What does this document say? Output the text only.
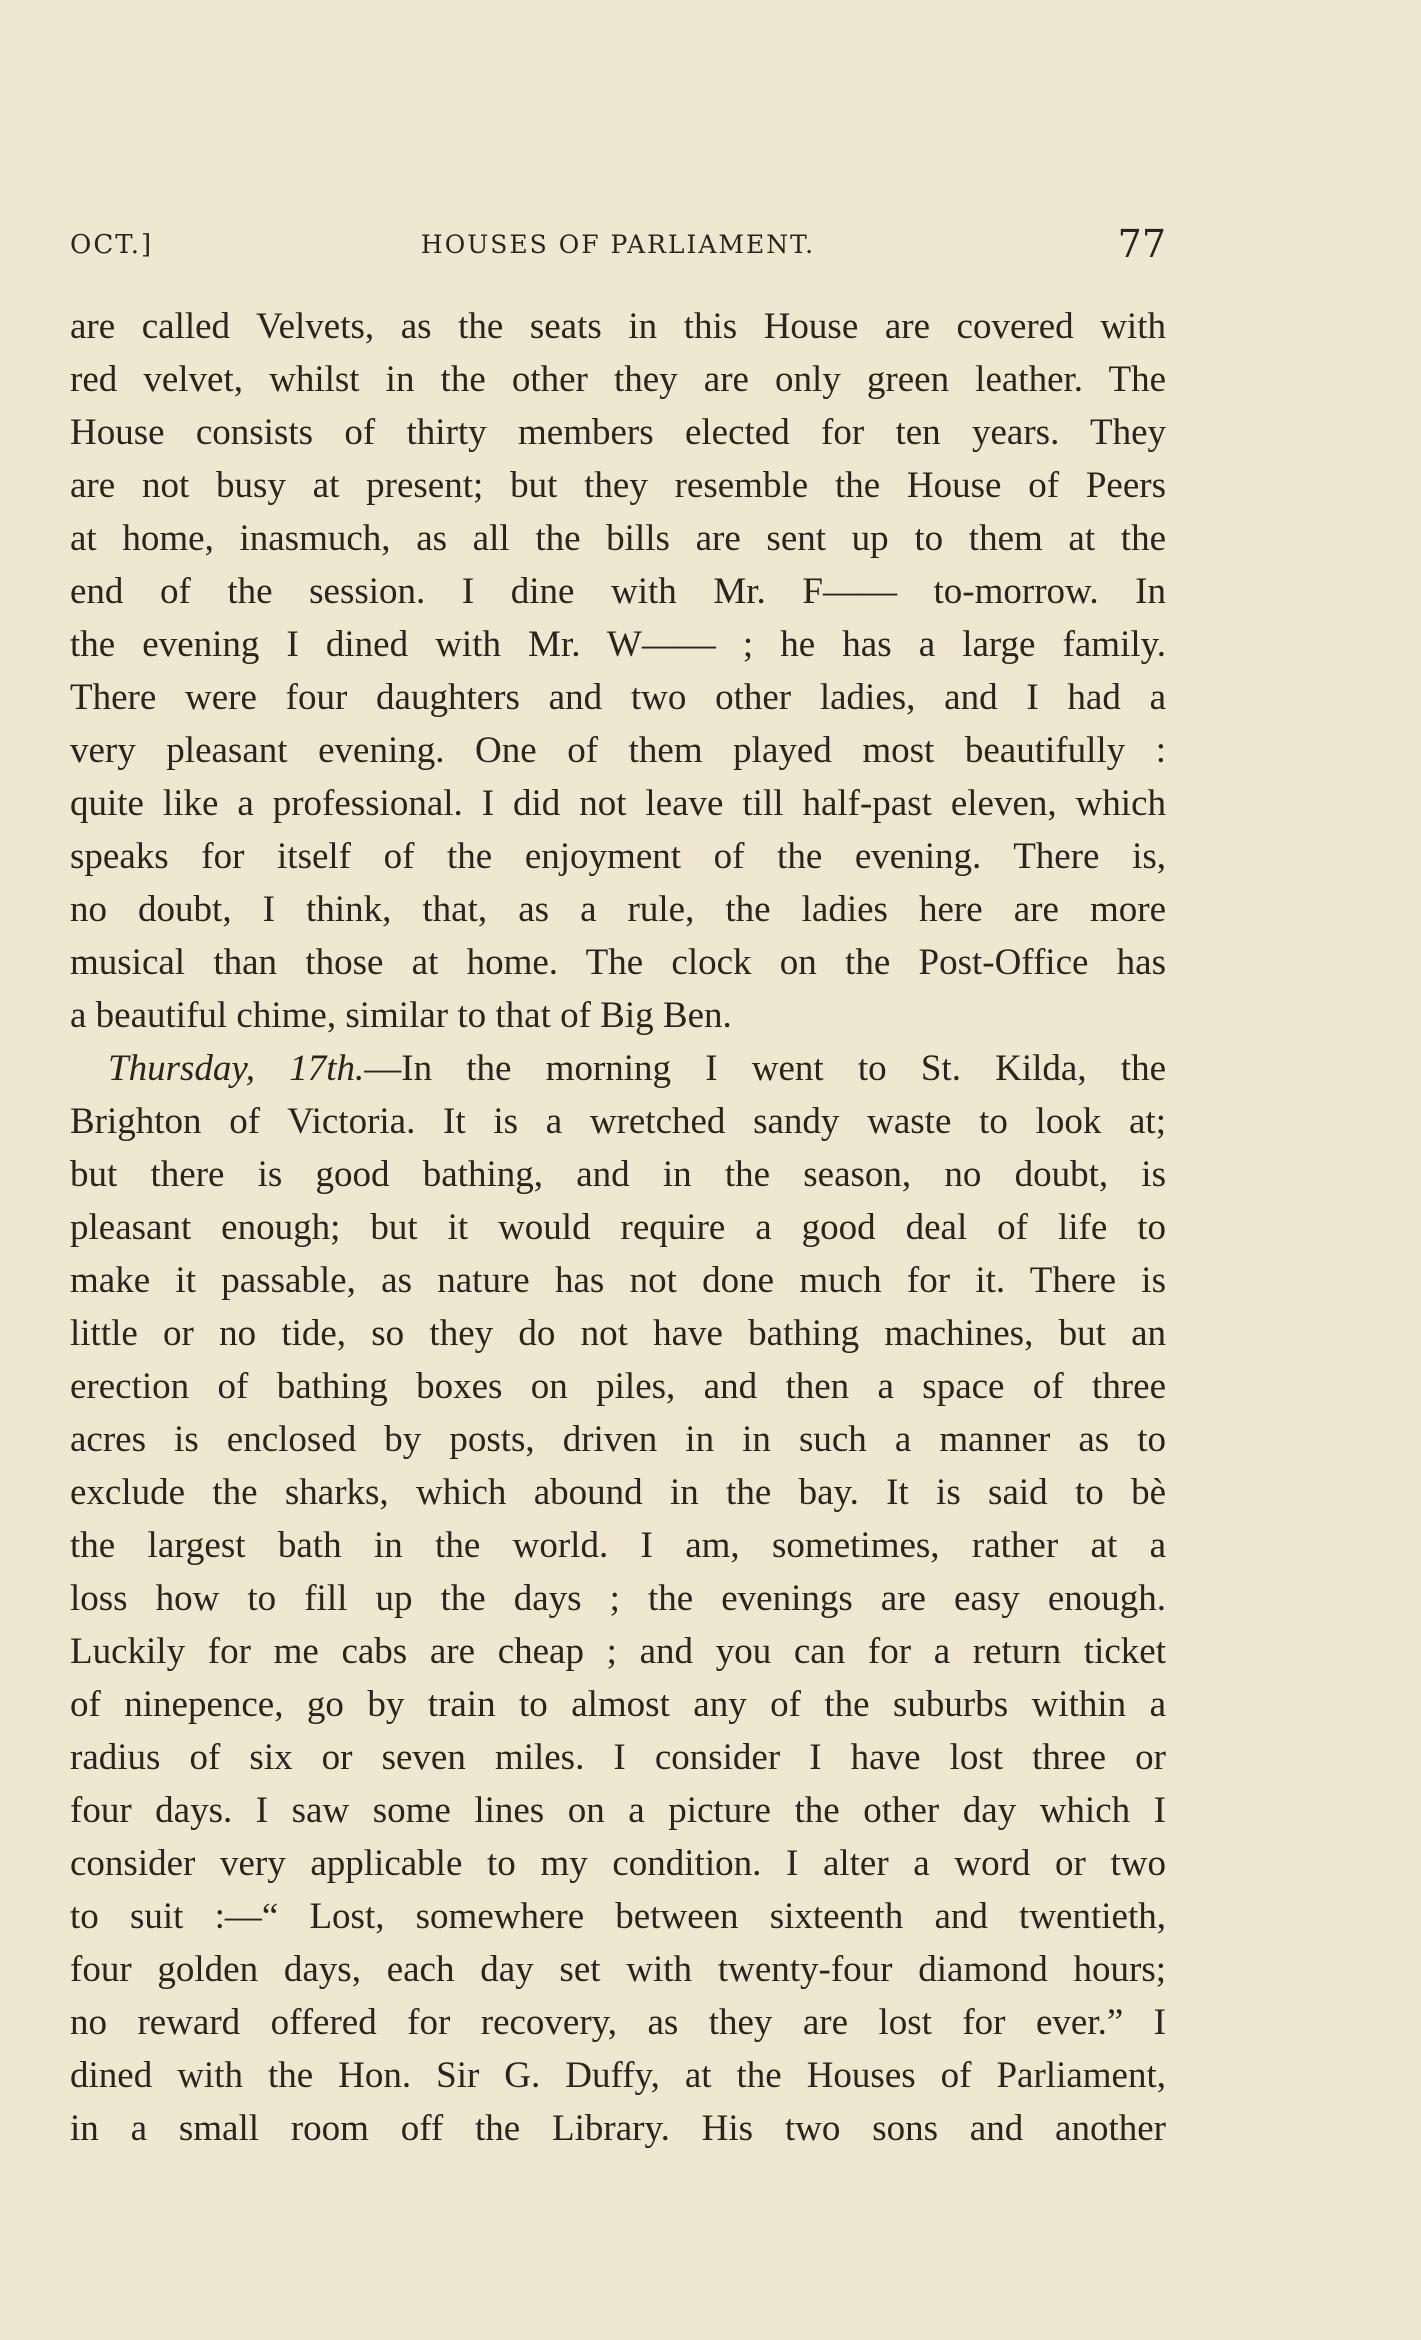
OCT.]	HOUSES OF PARLIAMENT.	77
are called Velvets, as the seats in this House are covered with
red velvet, whilst in the other they are only green leather. The
House consists of thirty members elected for ten years. They
are not busy at present; but they resemble the House of Peers
at home, inasmuch, as all the bills are sent up to them at the
end of the session. I dine with Mr. F—— to-morrow. In
the evening I dined with Mr. W—— ; he has a large family.
There were four daughters and two other ladies, and I had a
very pleasant evening. One of them played most beautifully :
quite like a professional. I did not leave till half-past eleven, which
speaks for itself of the enjoyment of the evening. There is,
no doubt, I think, that, as a rule, the ladies here are more
musical than those at home. The clock on the Post-Office has
a beautiful chime, similar to that of Big Ben.
Thursday, 17th.—In the morning I went to St. Kilda, the
Brighton of Victoria. It is a wretched sandy waste to look at;
but there is good bathing, and in the season, no doubt, is
pleasant enough; but it would require a good deal of life to
make it passable, as nature has not done much for it. There is
little or no tide, so they do not have bathing machines, but an
erection of bathing boxes on piles, and then a space of three
acres is enclosed by posts, driven in in such a manner as to
exclude the sharks, which abound in the bay. It is said to bè
the largest bath in the world. I am, sometimes, rather at a
loss how to fill up the days ; the evenings are easy enough.
Luckily for me cabs are cheap ; and you can for a return ticket
of ninepence, go by train to almost any of the suburbs within a
radius of six or seven miles. I consider I have lost three or
four days. I saw some lines on a picture the other day which I
consider very applicable to my condition. I alter a word or two
to suit :—“ Lost, somewhere between sixteenth and twentieth,
four golden days, each day set with twenty-four diamond hours;
no reward offered for recovery, as they are lost for ever.” I
dined with the Hon. Sir G. Duffy, at the Houses of Parliament,
in a small room off the Library. His two sons and another
